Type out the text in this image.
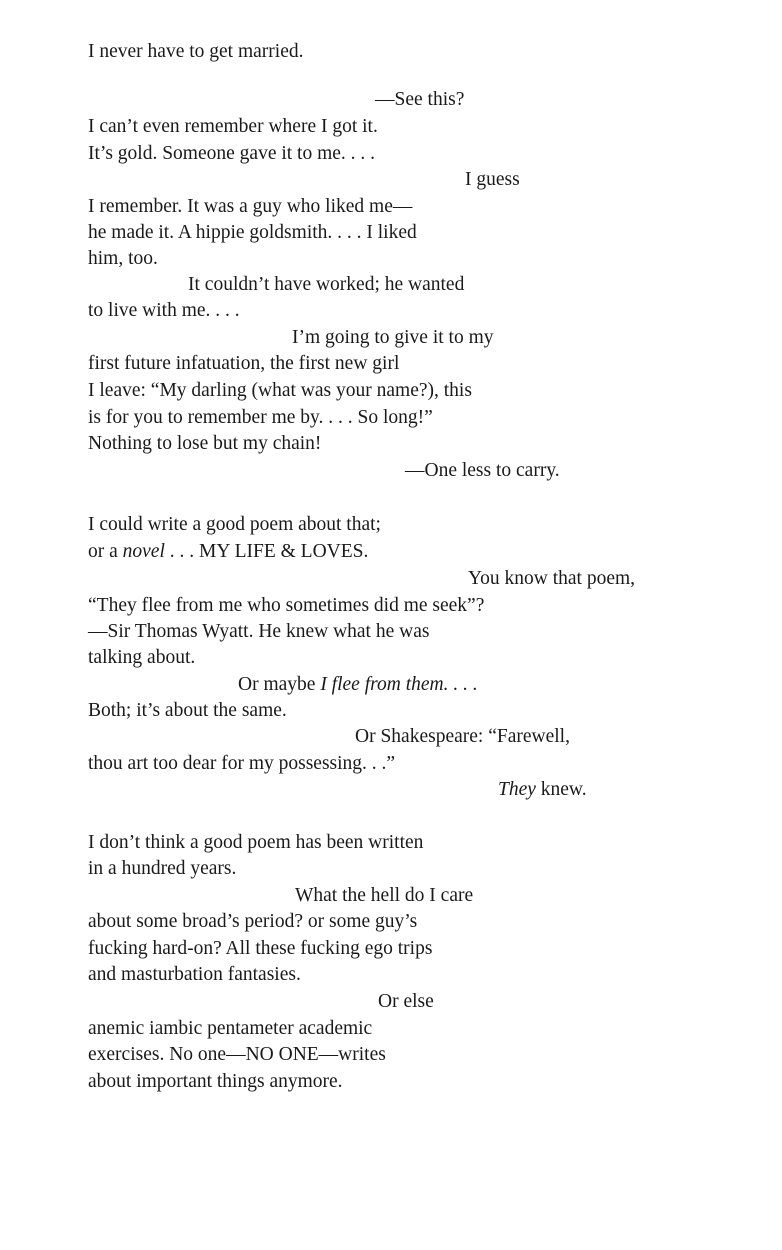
I never have to get married.
—See this?
I can’t even remember where I got it.
It’s gold. Someone gave it to me. . . .
I guess
I remember. It was a guy who liked me—
he made it. A hippie goldsmith. . . . I liked
him, too.
It couldn’t have worked; he wanted
to live with me. . . .
I’m going to give it to my
first future infatuation, the first new girl
I leave: “My darling (what was your name?), this
is for you to remember me by. . . . So long!”
Nothing to lose but my chain!
—One less to carry.
I could write a good poem about that;
or a novel . . . MY LIFE & LOVES.
You know that poem,
“They flee from me who sometimes did me seek”?
—Sir Thomas Wyatt. He knew what he was
talking about.
Or maybe I flee from them. . . .
Both; it’s about the same.
Or Shakespeare: “Farewell,
thou art too dear for my possessing. . .”
They knew.
I don’t think a good poem has been written
in a hundred years.
What the hell do I care
about some broad’s period? or some guy’s
fucking hard-on? All these fucking ego trips
and masturbation fantasies.
Or else
anemic iambic pentameter academic
exercises. No one—NO ONE—writes
about important things anymore.
